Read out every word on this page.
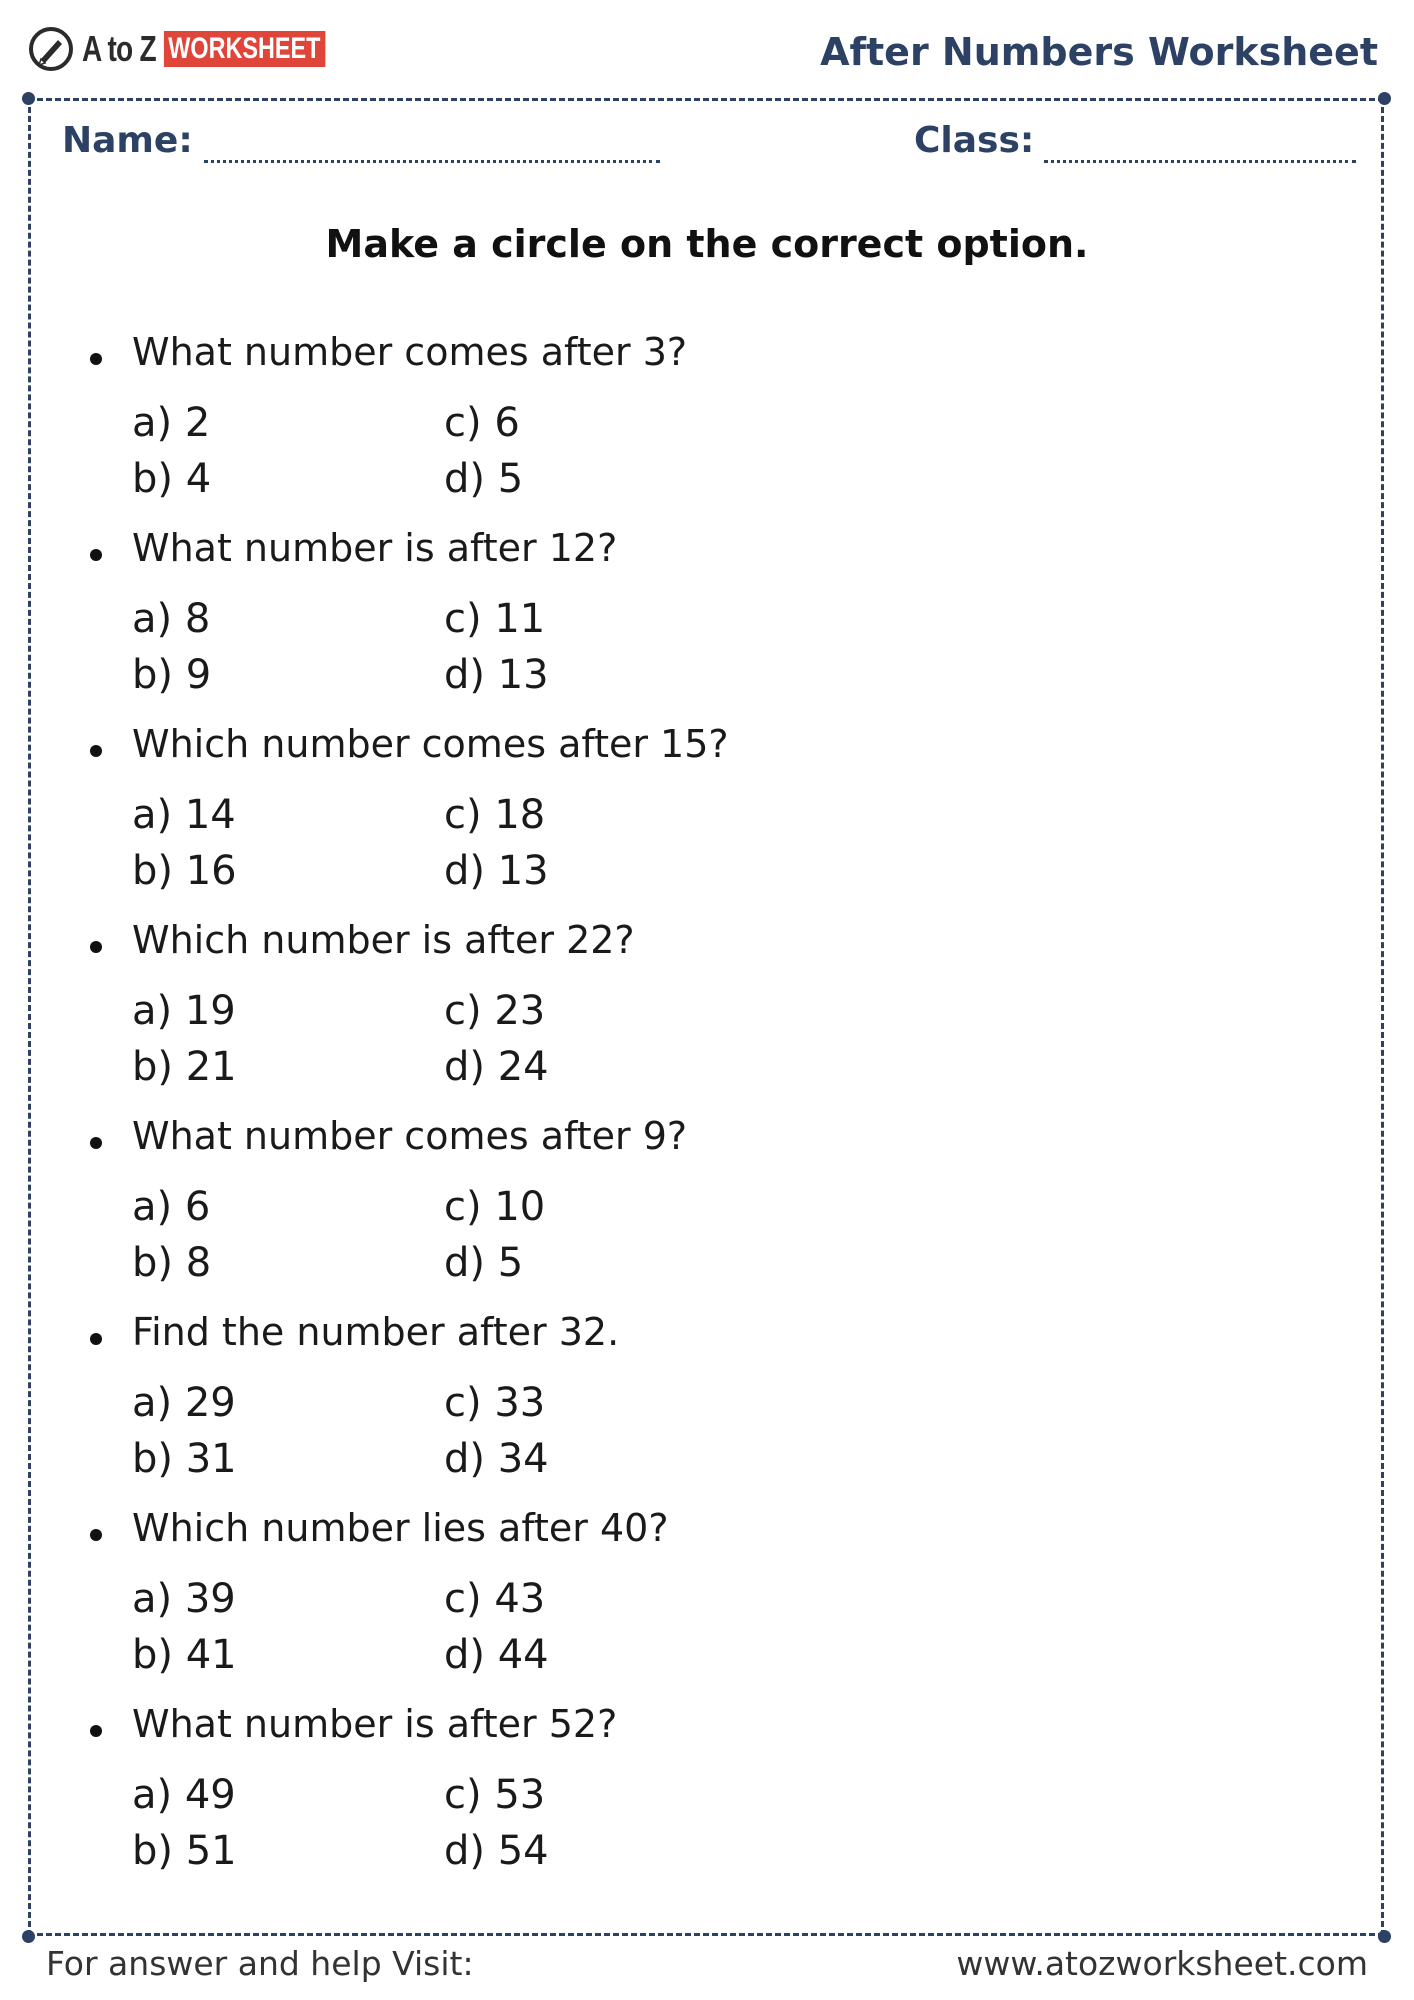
A to Z WORKSHEET	After Numbers Worksheet
Name:	Class:
Make a circle on the correct option.
What number comes after 3?
a) 2
b) 4
c) 6
d) 5
What number is after 12?
a) 8
b) 9
c) 11
d) 13
Which number comes after 15?
a) 14
b) 16
c) 18
d) 13
Which number is after 22?
a) 19
b) 21
c) 23
d) 24
What number comes after 9?
a) 6
b) 8
c) 10
d) 5
Find the number after 32.
a) 29
b) 31
c) 33
d) 34
Which number lies after 40?
a) 39
b) 41
c) 43
d) 44
What number is after 52?
a) 49
b) 51
c) 53
d) 54
For answer and help Visit:	www.atozworksheet.com
